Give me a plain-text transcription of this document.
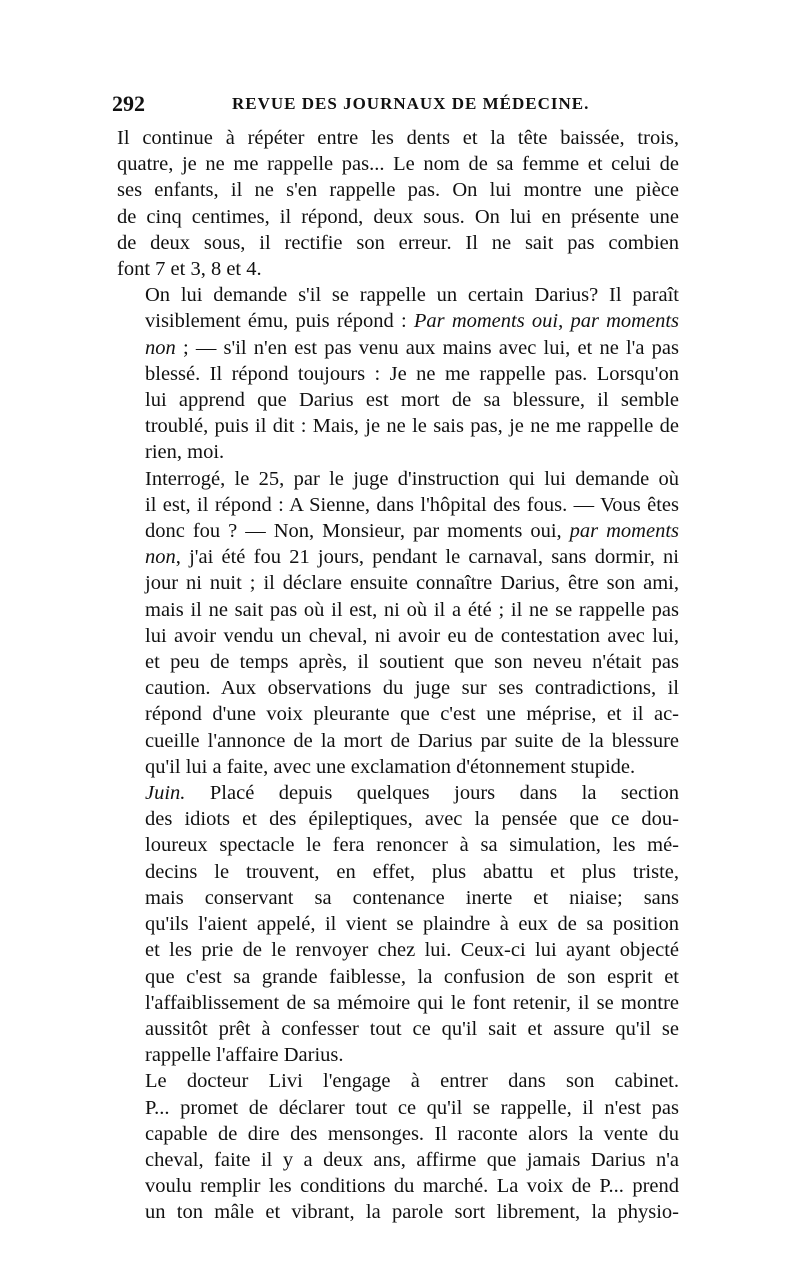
292	REVUE DES JOURNAUX DE MÉDECINE.

Il continue à répéter entre les dents et la tête baissée, trois,
quatre, je ne me rappelle pas... Le nom de sa femme et celui de
ses enfants, il ne s'en rappelle pas. On lui montre une pièce
de cinq centimes, il répond, deux sous. On lui en présente une
de deux sous, il rectifie son erreur. Il ne sait pas combien
font 7 et 3, 8 et 4.

On lui demande s'il se rappelle un certain Darius? Il paraît
visiblement ému, puis répond : Par moments oui, par moments
non ; — s'il n'en est pas venu aux mains avec lui, et ne l'a pas
blessé. Il répond toujours : Je ne me rappelle pas. Lorsqu'on
lui apprend que Darius est mort de sa blessure, il semble
troublé, puis il dit : Mais, je ne le sais pas, je ne me rappelle de
rien, moi.

Interrogé, le 25, par le juge d'instruction qui lui demande où
il est, il répond : A Sienne, dans l'hôpital des fous. — Vous êtes
donc fou ? — Non, Monsieur, par moments oui, par moments
non, j'ai été fou 21 jours, pendant le carnaval, sans dormir, ni
jour ni nuit ; il déclare ensuite connaître Darius, être son ami,
mais il ne sait pas où il est, ni où il a été ; il ne se rappelle pas
lui avoir vendu un cheval, ni avoir eu de contestation avec lui,
et peu de temps après, il soutient que son neveu n'était pas
caution. Aux observations du juge sur ses contradictions, il
répond d'une voix pleurante que c'est une méprise, et il ac-
cueille l'annonce de la mort de Darius par suite de la blessure
qu'il lui a faite, avec une exclamation d'étonnement stupide.

Juin. Placé depuis quelques jours dans la section
des idiots et des épileptiques, avec la pensée que ce dou-
loureux spectacle le fera renoncer à sa simulation, les mé-
decins le trouvent, en effet, plus abattu et plus triste,
mais conservant sa contenance inerte et niaise; sans
qu'ils l'aient appelé, il vient se plaindre à eux de sa position
et les prie de le renvoyer chez lui. Ceux-ci lui ayant objecté
que c'est sa grande faiblesse, la confusion de son esprit et
l'affaiblissement de sa mémoire qui le font retenir, il se montre
aussitôt prêt à confesser tout ce qu'il sait et assure qu'il se
rappelle l'affaire Darius.

Le docteur Livi l'engage à entrer dans son cabinet.
P... promet de déclarer tout ce qu'il se rappelle, il n'est pas
capable de dire des mensonges. Il raconte alors la vente du
cheval, faite il y a deux ans, affirme que jamais Darius n'a
voulu remplir les conditions du marché. La voix de P... prend
un ton mâle et vibrant, la parole sort librement, la physio-
